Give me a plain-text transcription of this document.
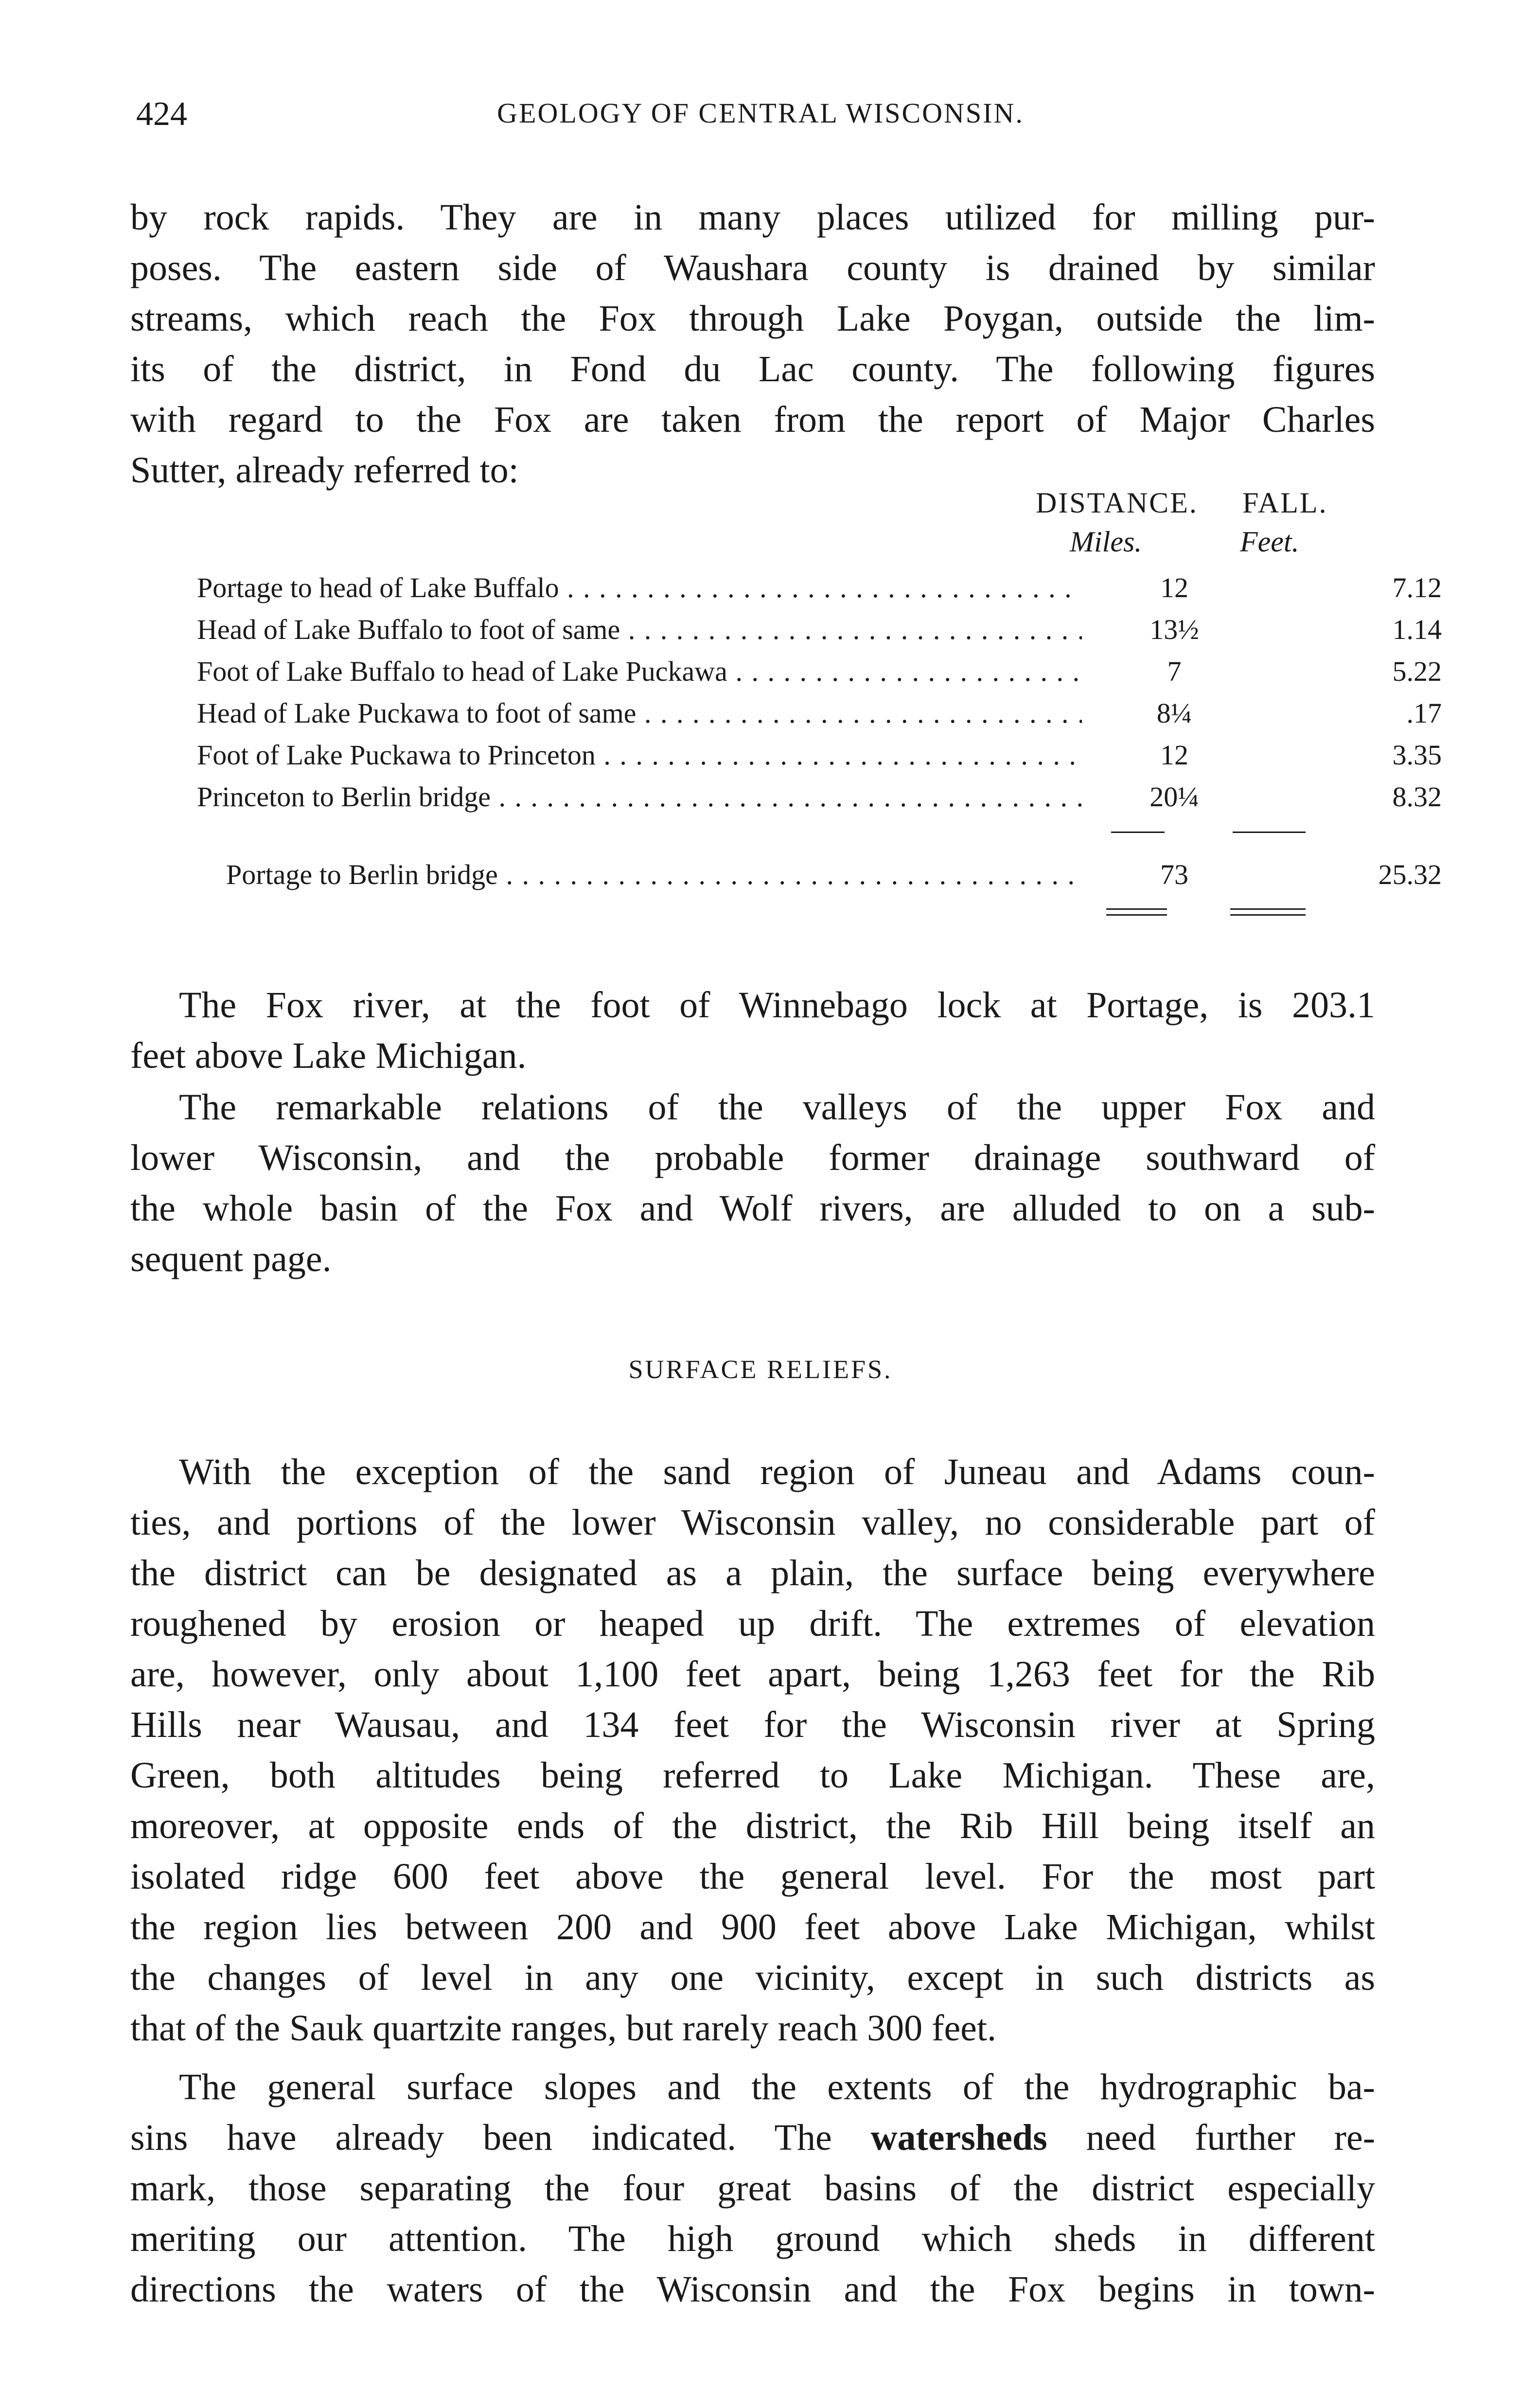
424	GEOLOGY OF CENTRAL WISCONSIN.
by rock rapids. They are in many places utilized for milling pur-
poses. The eastern side of Waushara county is drained by similar
streams, which reach the Fox through Lake Poygan, outside the lim-
its of the district, in Fond du Lac county. The following figures
with regard to the Fox are taken from the report of Major Charles
Sutter, already referred to:
DISTANCE. FALL.
Miles.	Feet.
Portage to head of Lake Buffalo . . .	12	7.12
Head of Lake Buffalo to foot of same . . .	13½	1.14
Foot of Lake Buffalo to head of Lake Puckawa . . .	7	5.22
Head of Lake Puckawa to foot of same . . .	8¼	.17
Foot of Lake Puckawa to Princeton . . .	12	3.35
Princeton to Berlin bridge . . .	20¼	8.32
Portage to Berlin bridge . . .	73	25.32
The Fox river, at the foot of Winnebago lock at Portage, is 203.1
feet above Lake Michigan.
The remarkable relations of the valleys of the upper Fox and
lower Wisconsin, and the probable former drainage southward of
the whole basin of the Fox and Wolf rivers, are alluded to on a sub-
sequent page.
SURFACE RELIEFS.
With the exception of the sand region of Juneau and Adams coun-
ties, and portions of the lower Wisconsin valley, no considerable part of
the district can be designated as a plain, the surface being everywhere
roughened by erosion or heaped up drift. The extremes of elevation
are, however, only about 1,100 feet apart, being 1,263 feet for the Rib
Hills near Wausau, and 134 feet for the Wisconsin river at Spring
Green, both altitudes being referred to Lake Michigan. These are,
moreover, at opposite ends of the district, the Rib Hill being itself an
isolated ridge 600 feet above the general level. For the most part
the region lies between 200 and 900 feet above Lake Michigan, whilst
the changes of level in any one vicinity, except in such districts as
that of the Sauk quartzite ranges, but rarely reach 300 feet.
The general surface slopes and the extents of the hydrographic ba-
sins have already been indicated. The watersheds need further re-
mark, those separating the four great basins of the district especially
meriting our attention. The high ground which sheds in different
directions the waters of the Wisconsin and the Fox begins in town-
